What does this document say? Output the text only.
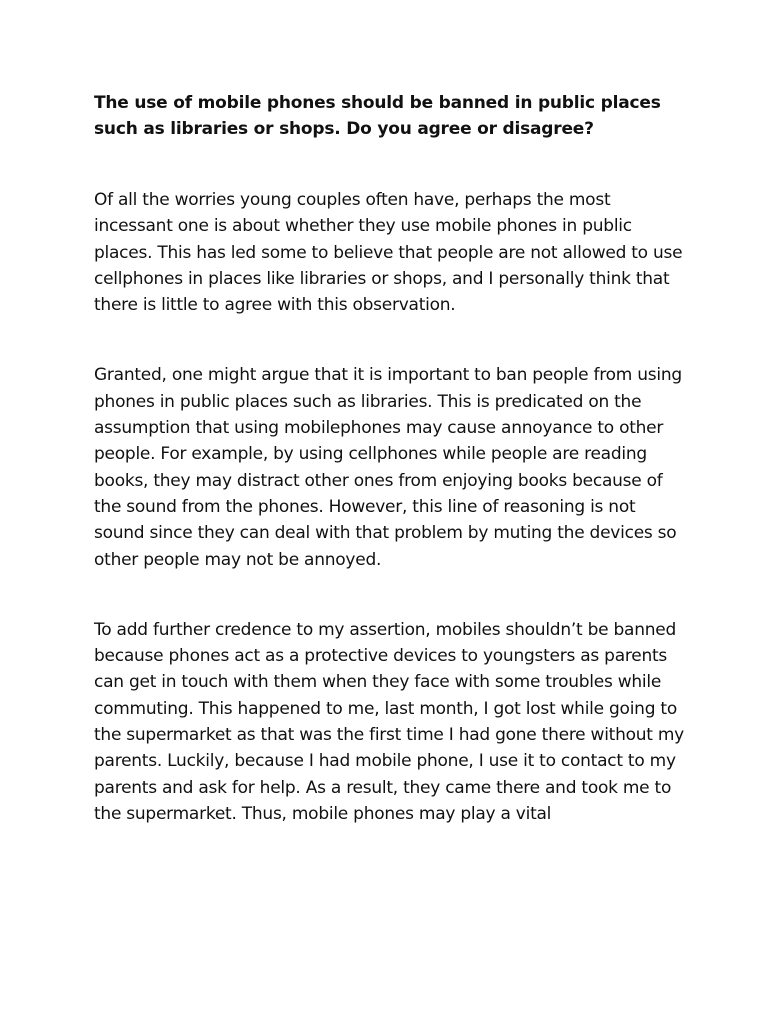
The use of mobile phones should be banned in public places such as libraries or shops. Do you agree or disagree?

Of all the worries young couples often have, perhaps the most incessant one is about whether they use mobile phones in public places. This has led some to believe that people are not allowed to use cellphones in places like libraries or shops, and I personally think that there is little to agree with this observation.

Granted, one might argue that it is important to ban people from using phones in public places such as libraries. This is predicated on the assumption that using mobilephones may cause annoyance to other people. For example, by using cellphones while people are reading books, they may distract other ones from enjoying books because of the sound from the phones. However, this line of reasoning is not sound since they can deal with that problem by muting the devices so other people may not be annoyed.

To add further credence to my assertion, mobiles shouldn’t be banned because phones act as a protective devices to youngsters as parents can get in touch with them when they face with some troubles while commuting. This happened to me, last month, I got lost while going to the supermarket as that was the first time I had gone there without my parents. Luckily, because I had mobile phone, I use it to contact to my parents and ask for help. As a result, they came there and took me to the supermarket. Thus, mobile phones may play a vital
